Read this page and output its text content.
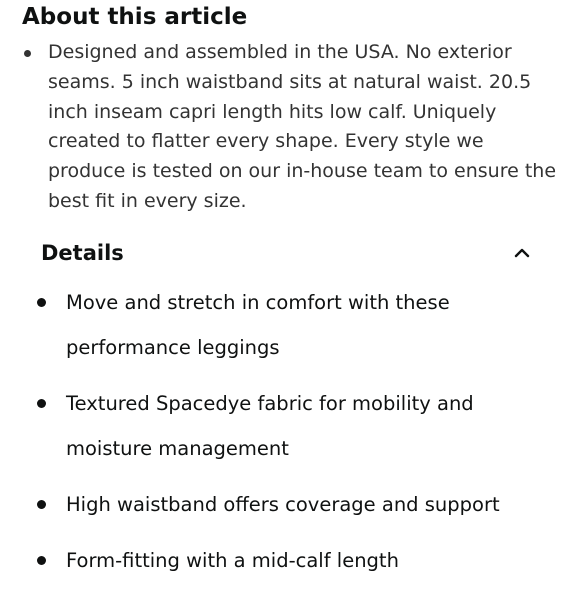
About this article
Designed and assembled in the USA. No exterior seams. 5 inch waistband sits at natural waist. 20.5 inch inseam capri length hits low calf. Uniquely created to flatter every shape. Every style we produce is tested on our in-house team to ensure the best fit in every size.
Details
Move and stretch in comfort with these performance leggings
Textured Spacedye fabric for mobility and moisture management
High waistband offers coverage and support
Form-fitting with a mid-calf length
